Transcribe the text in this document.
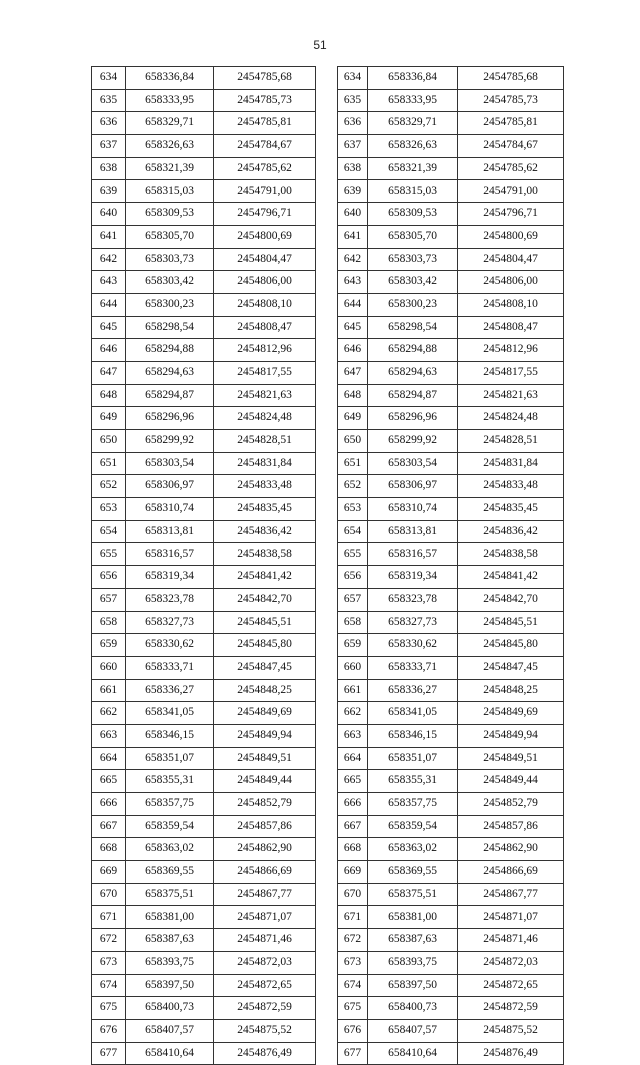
51
634	658336,84	2454785,68		634	658336,84	2454785,68
635	658333,95	2454785,73		635	658333,95	2454785,73
636	658329,71	2454785,81		636	658329,71	2454785,81
637	658326,63	2454784,67		637	658326,63	2454784,67
638	658321,39	2454785,62		638	658321,39	2454785,62
639	658315,03	2454791,00		639	658315,03	2454791,00
640	658309,53	2454796,71		640	658309,53	2454796,71
641	658305,70	2454800,69		641	658305,70	2454800,69
642	658303,73	2454804,47		642	658303,73	2454804,47
643	658303,42	2454806,00		643	658303,42	2454806,00
644	658300,23	2454808,10		644	658300,23	2454808,10
645	658298,54	2454808,47		645	658298,54	2454808,47
646	658294,88	2454812,96		646	658294,88	2454812,96
647	658294,63	2454817,55		647	658294,63	2454817,55
648	658294,87	2454821,63		648	658294,87	2454821,63
649	658296,96	2454824,48		649	658296,96	2454824,48
650	658299,92	2454828,51		650	658299,92	2454828,51
651	658303,54	2454831,84		651	658303,54	2454831,84
652	658306,97	2454833,48		652	658306,97	2454833,48
653	658310,74	2454835,45		653	658310,74	2454835,45
654	658313,81	2454836,42		654	658313,81	2454836,42
655	658316,57	2454838,58		655	658316,57	2454838,58
656	658319,34	2454841,42		656	658319,34	2454841,42
657	658323,78	2454842,70		657	658323,78	2454842,70
658	658327,73	2454845,51		658	658327,73	2454845,51
659	658330,62	2454845,80		659	658330,62	2454845,80
660	658333,71	2454847,45		660	658333,71	2454847,45
661	658336,27	2454848,25		661	658336,27	2454848,25
662	658341,05	2454849,69		662	658341,05	2454849,69
663	658346,15	2454849,94		663	658346,15	2454849,94
664	658351,07	2454849,51		664	658351,07	2454849,51
665	658355,31	2454849,44		665	658355,31	2454849,44
666	658357,75	2454852,79		666	658357,75	2454852,79
667	658359,54	2454857,86		667	658359,54	2454857,86
668	658363,02	2454862,90		668	658363,02	2454862,90
669	658369,55	2454866,69		669	658369,55	2454866,69
670	658375,51	2454867,77		670	658375,51	2454867,77
671	658381,00	2454871,07		671	658381,00	2454871,07
672	658387,63	2454871,46		672	658387,63	2454871,46
673	658393,75	2454872,03		673	658393,75	2454872,03
674	658397,50	2454872,65		674	658397,50	2454872,65
675	658400,73	2454872,59		675	658400,73	2454872,59
676	658407,57	2454875,52		676	658407,57	2454875,52
677	658410,64	2454876,49		677	658410,64	2454876,49
